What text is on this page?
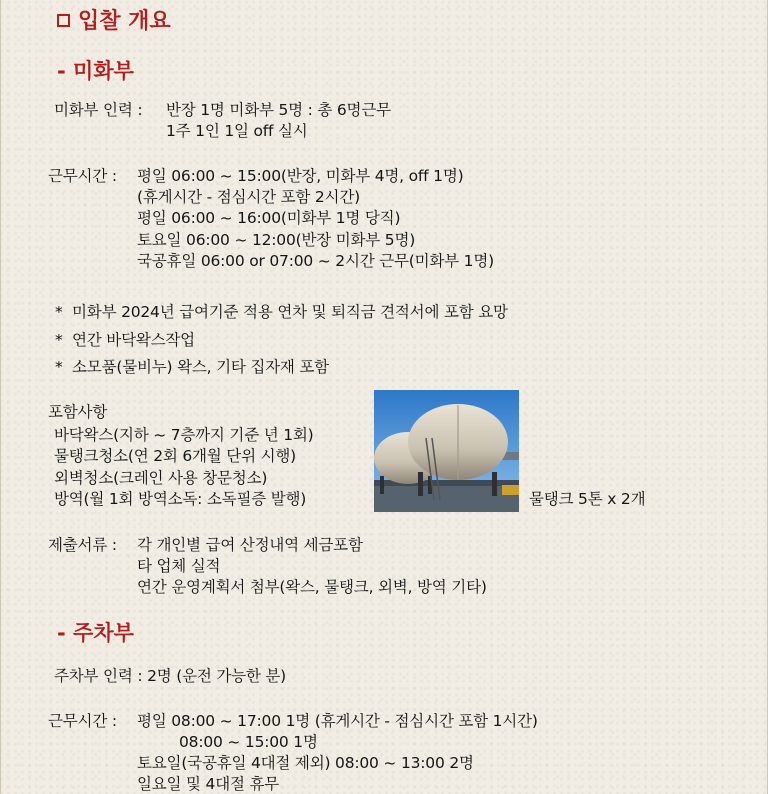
입찰 개요
- 미화부
미화부 인력 : 반장 1명 미화부 5명 : 총 6명근무
1주 1인 1일 off 실시
근무시간 : 평일 06:00 ~ 15:00(반장, 미화부 4명, off 1명)
(휴게시간 - 점심시간 포함 2시간)
평일 06:00 ~ 16:00(미화부 1명 당직)
토요일 06:00 ~ 12:00(반장 미화부 5명)
국공휴일 06:00 or 07:00 ~ 2시간 근무(미화부 1명)
* 미화부 2024년 급여기준 적용 연차 및 퇴직금 견적서에 포함 요망
* 연간 바닥왁스작업
* 소모품(물비누) 왁스, 기타 집자재 포함
포함사항
바닥왁스(지하 ~ 7층까지 기준 년 1회)
물탱크청소(연 2회 6개월 단위 시행)
외벽청소(크레인 사용 창문청소)
방역(월 1회 방역소독: 소독필증 발행)	물탱크 5톤 x 2개
제출서류 : 각 개인별 급여 산정내역 세금포함
타 업체 실적
연간 운영계획서 첨부(왁스, 물탱크, 외벽, 방역 기타)
- 주차부
주차부 인력 : 2명 (운전 가능한 분)
근무시간 : 평일 08:00 ~ 17:00 1명 (휴게시간 - 점심시간 포함 1시간)
08:00 ~ 15:00 1명
토요일(국공휴일 4대절 제외) 08:00 ~ 13:00 2명
일요일 및 4대절 휴무
